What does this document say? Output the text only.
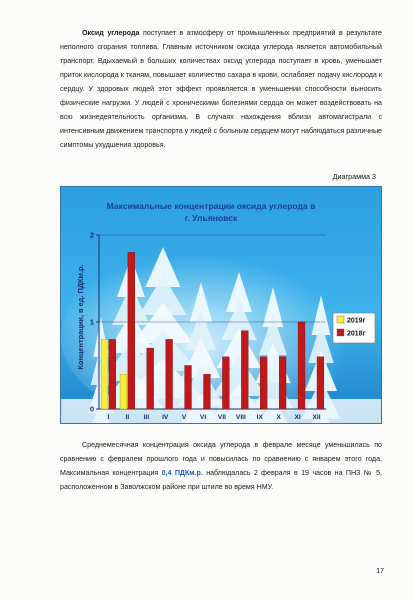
Оксид углерода поступает в атмосферу от промышленных предприятий в результате неполного сгорания топлива. Главным источником оксида углерода является автомобильный транспорт. Вдыхаемый в больших количествах оксид углерода поступает в кровь, уменьшает приток кислорода к тканям, повышает количество сахара в крови, ослабляет подачу кислорода к сердцу. У здоровых людей этот эффект проявляется в уменьшении способности выносить физические нагрузки. У людей с хроническими болезнями сердца он может воздействовать на всю жизнедеятельность организма. В случаях нахождения вблизи автомагистрали с интенсивным движением транспорта у людей с больным сердцем могут наблюдаться различные симптомы ухудшения здоровья.

Диаграмма 3
0
1
2
I II III IV V VI VII VIII IX X XI XII
Максимальные концентрации оксида углерода в
г. Ульяновск
Концентрации, в ед. ПДКм.р.	2019г
2018г

Среднемесячная концентрация оксида углерода в феврале месяце уменьшилась по сравнению с февралем прошлого года и повысилась по сравнению с январем этого года. Максимальная концентрация 0,4 ПДКм.р. наблюдалась 2 февраля в 19 часов на ПНЗ № 5, расположенном в Заволжском районе при штиле во время НМУ.

17
